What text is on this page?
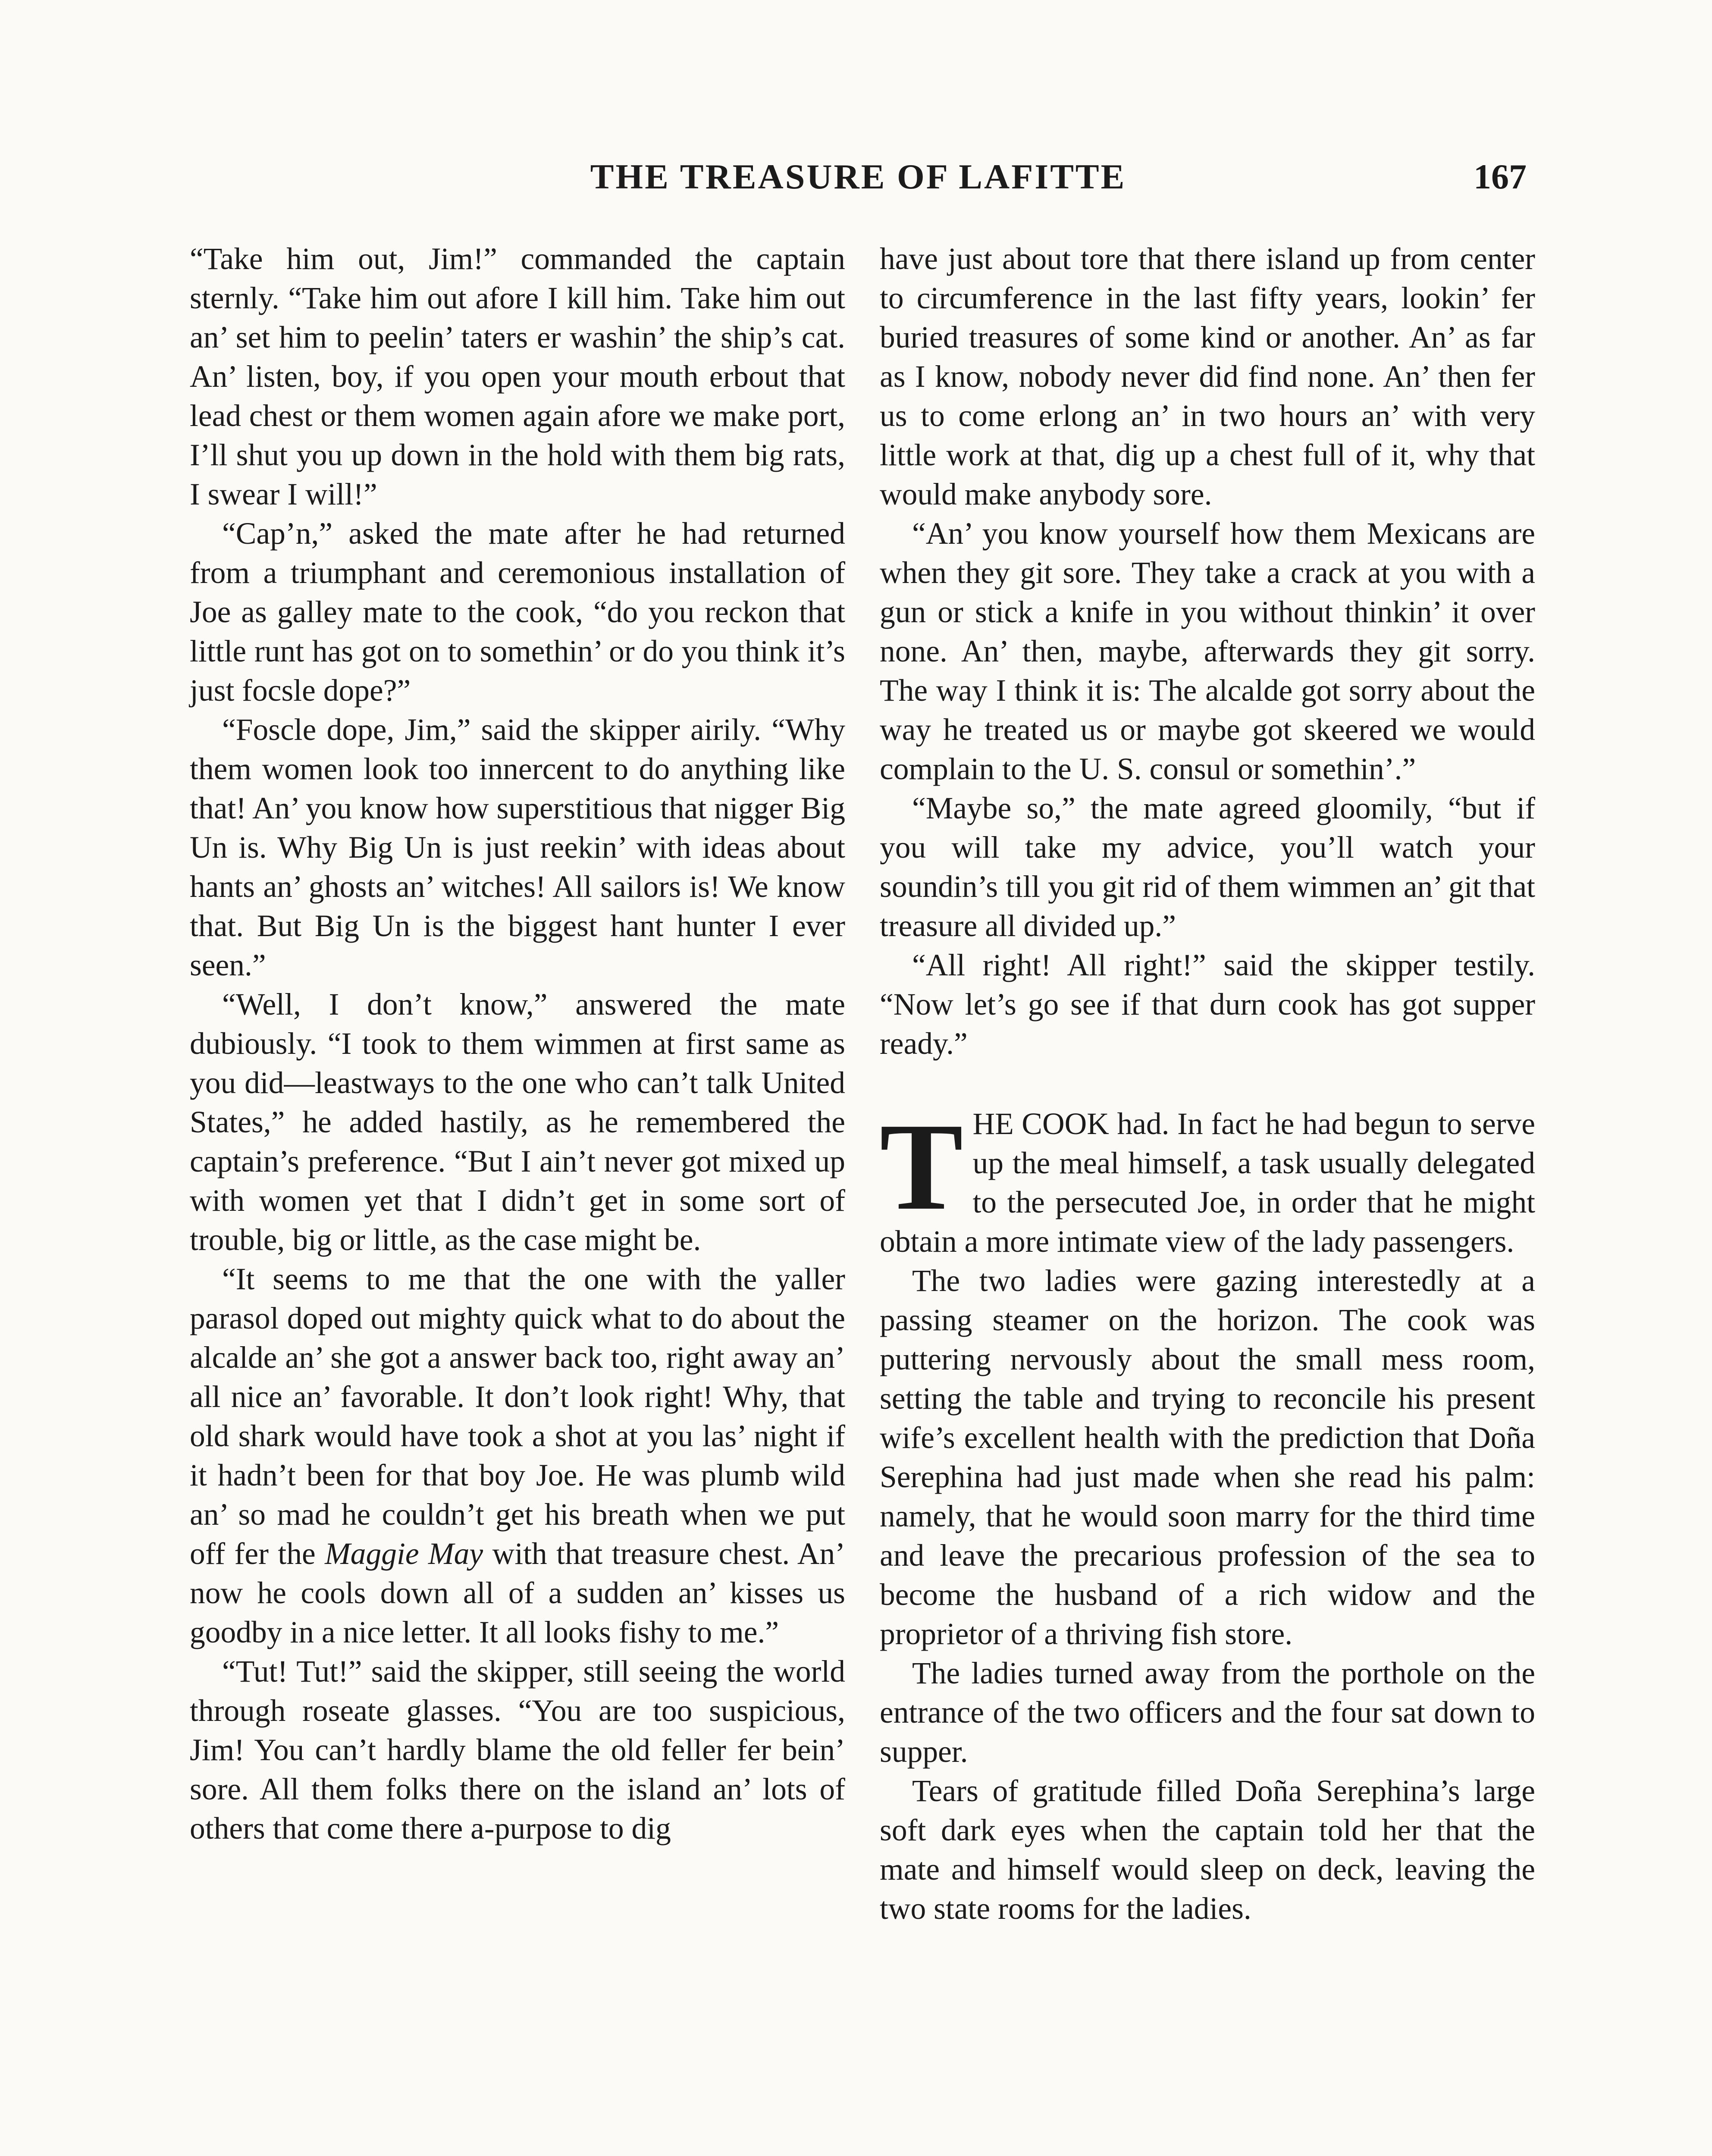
THE TREASURE OF LAFITTE	167

“Take him out, Jim!” commanded the captain sternly. “Take him out afore I kill him. Take him out an’ set him to peelin’ taters er washin’ the ship’s cat. An’ listen, boy, if you open your mouth erbout that lead chest or them women again afore we make port, I’ll shut you up down in the hold with them big rats, I swear I will!”

“Cap’n,” asked the mate after he had returned from a triumphant and ceremonious installation of Joe as galley mate to the cook, “do you reckon that little runt has got on to somethin’ or do you think it’s just focsle dope?”

“Foscle dope, Jim,” said the skipper airily. “Why them women look too innercent to do anything like that! An’ you know how superstitious that nigger Big Un is. Why Big Un is just reekin’ with ideas about hants an’ ghosts an’ witches! All sailors is! We know that. But Big Un is the biggest hant hunter I ever seen.”

“Well, I don’t know,” answered the mate dubiously. “I took to them wimmen at first same as you did—leastways to the one who can’t talk United States,” he added hastily, as he remembered the captain’s preference. “But I ain’t never got mixed up with women yet that I didn’t get in some sort of trouble, big or little, as the case might be.

“It seems to me that the one with the yaller parasol doped out mighty quick what to do about the alcalde an’ she got a answer back too, right away an’ all nice an’ favorable. It don’t look right! Why, that old shark would have took a shot at you las’ night if it hadn’t been for that boy Joe. He was plumb wild an’ so mad he couldn’t get his breath when we put off fer the Maggie May with that treasure chest. An’ now he cools down all of a sudden an’ kisses us goodby in a nice letter. It all looks fishy to me.”

“Tut! Tut!” said the skipper, still seeing the world through roseate glasses. “You are too suspicious, Jim! You can’t hardly blame the old feller fer bein’ sore. All them folks there on the island an’ lots of others that come there a-purpose to dig

have just about tore that there island up from center to circumference in the last fifty years, lookin’ fer buried treasures of some kind or another. An’ as far as I know, nobody never did find none. An’ then fer us to come erlong an’ in two hours an’ with very little work at that, dig up a chest full of it, why that would make anybody sore.

“An’ you know yourself how them Mexicans are when they git sore. They take a crack at you with a gun or stick a knife in you without thinkin’ it over none. An’ then, maybe, afterwards they git sorry. The way I think it is: The alcalde got sorry about the way he treated us or maybe got skeered we would complain to the U. S. consul or somethin’.”

“Maybe so,” the mate agreed gloomily, “but if you will take my advice, you’ll watch your soundin’s till you git rid of them wimmen an’ git that treasure all divided up.”

“All right! All right!” said the skipper testily. “Now let’s go see if that durn cook has got supper ready.”

THE COOK had. In fact he had begun to serve up the meal himself, a task usually delegated to the persecuted Joe, in order that he might obtain a more intimate view of the lady passengers.

The two ladies were gazing interestedly at a passing steamer on the horizon. The cook was puttering nervously about the small mess room, setting the table and trying to reconcile his present wife’s excellent health with the prediction that Doña Serephina had just made when she read his palm: namely, that he would soon marry for the third time and leave the precarious profession of the sea to become the husband of a rich widow and the proprietor of a thriving fish store.

The ladies turned away from the porthole on the entrance of the two officers and the four sat down to supper.

Tears of gratitude filled Doña Serephina’s large soft dark eyes when the captain told her that the mate and himself would sleep on deck, leaving the two state rooms for the ladies.
